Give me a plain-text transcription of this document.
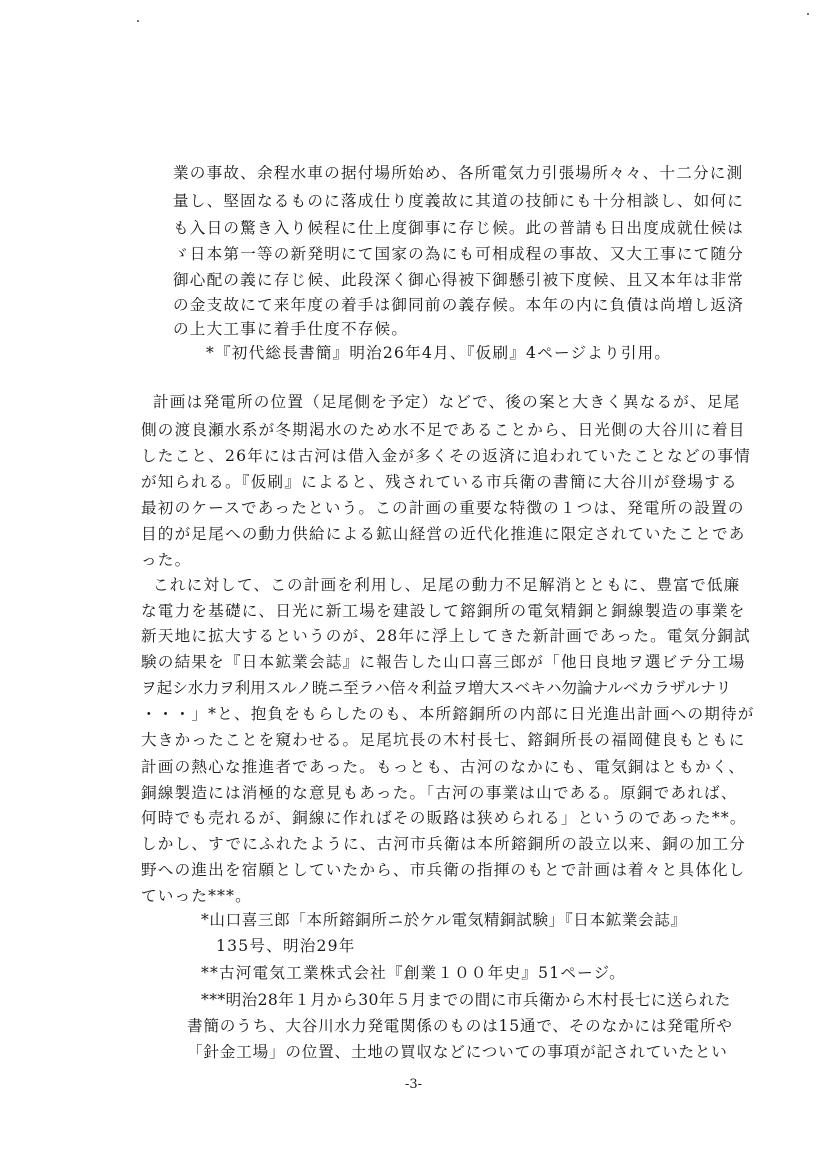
業の事故、余程水車の据付場所始め、各所電気力引張場所々々、十二分に測
量し、堅固なるものに落成仕り度義故に其道の技師にも十分相談し、如何に
も入日の驚き入り候程に仕上度御事に存じ候。此の普請も日出度成就仕候は
ゞ日本第一等の新発明にて国家の為にも可相成程の事故、又大工事にて随分
御心配の義に存じ候、此段深く御心得被下御懸引被下度候、且又本年は非常
の金支故にて来年度の着手は御同前の義存候。本年の内に負債は尚増し返済
の上大工事に着手仕度不存候。
*『初代総長書簡』明治26年4月、『仮刷』4ページより引用。
計画は発電所の位置（足尾側を予定）などで、後の案と大きく異なるが、足尾
側の渡良瀬水系が冬期渇水のため水不足であることから、日光側の大谷川に着目
したこと、26年には古河は借入金が多くその返済に追われていたことなどの事情
が知られる。『仮刷』によると、残されている市兵衛の書簡に大谷川が登場する
最初のケースであったという。この計画の重要な特徴の１つは、発電所の設置の
目的が足尾への動力供給による鉱山経営の近代化推進に限定されていたことであ
った。
これに対して、この計画を利用し、足尾の動力不足解消とともに、豊富で低廉
な電力を基礎に、日光に新工場を建設して鎔銅所の電気精銅と銅線製造の事業を
新天地に拡大するというのが、28年に浮上してきた新計画であった。電気分銅試
験の結果を『日本鉱業会誌』に報告した山口喜三郎が「他日良地ヲ選ビテ分工場
ヲ起シ水力ヲ利用スルノ暁ニ至ラハ倍々利益ヲ増大スベキハ勿論ナルベカラザルナリ
・・・」*と、抱負をもらしたのも、本所鎔銅所の内部に日光進出計画への期待が
大きかったことを窺わせる。足尾坑長の木村長七、鎔銅所長の福岡健良もともに
計画の熱心な推進者であった。もっとも、古河のなかにも、電気銅はともかく、
銅線製造には消極的な意見もあった。「古河の事業は山である。原銅であれば、
何時でも売れるが、銅線に作ればその販路は狭められる」というのであった**。
しかし、すでにふれたように、古河市兵衛は本所鎔銅所の設立以来、銅の加工分
野への進出を宿願としていたから、市兵衛の指揮のもとで計画は着々と具体化し
ていった***。
*山口喜三郎「本所鎔銅所ニ於ケル電気精銅試験」『日本鉱業会誌』
135号、明治29年
**古河電気工業株式会社『創業１００年史』51ページ。
***明治28年１月から30年５月までの間に市兵衛から木村長七に送られた
書簡のうち、大谷川水力発電関係のものは15通で、そのなかには発電所や
「針金工場」の位置、土地の買収などについての事項が記されていたとい
-3-
